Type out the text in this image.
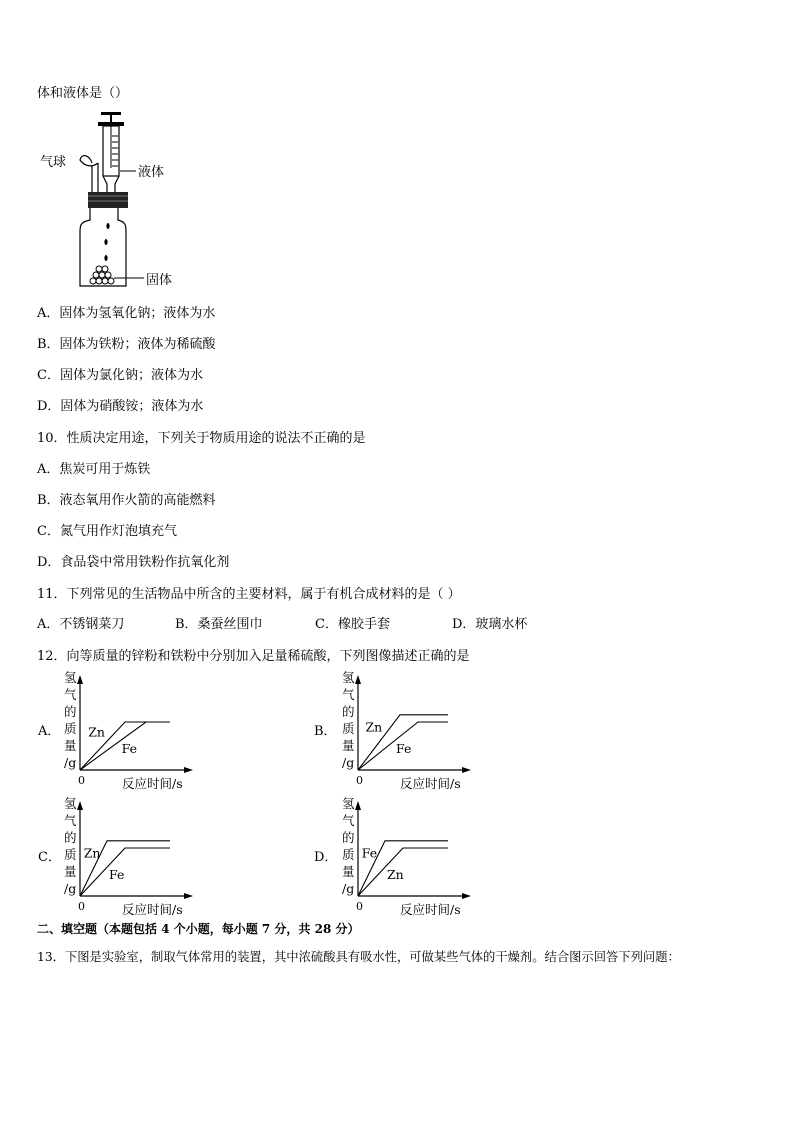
体和液体是（）
气球
液体
固体
A．固体为氢氧化钠；液体为水
B．固体为铁粉；液体为稀硫酸
C．固体为氯化钠；液体为水
D．固体为硝酸铵；液体为水
10．性质决定用途，下列关于物质用途的说法不正确的是
A．焦炭可用于炼铁
B．液态氧用作火箭的高能燃料
C．氮气用作灯泡填充气
D．食品袋中常用铁粉作抗氧化剂
11．下列常见的生活物品中所含的主要材料，属于有机合成材料的是（ ）
A．不锈钢菜刀	B．桑蚕丝围巾	C．橡胶手套	D．玻璃水杯
12．向等质量的锌粉和铁粉中分别加入足量稀硫酸，下列图像描述正确的是
A．
氢
气
的
质
量
/g
0	反应时间/s
Zn
Fe
B．
氢
气
的
质
量
/g
0	反应时间/s
Zn
Fe
C．
氢
气
的
质
量
/g
0	反应时间/s
Zn
Fe
D．
氢
气
的
质
量
/g
0	反应时间/s
Fe
Zn
二、填空题（本题包括 4 个小题，每小题 7 分，共 28 分）
13．下图是实验室，制取气体常用的装置，其中浓硫酸具有吸水性，可做某些气体的干燥剂。结合图示回答下列问题：
